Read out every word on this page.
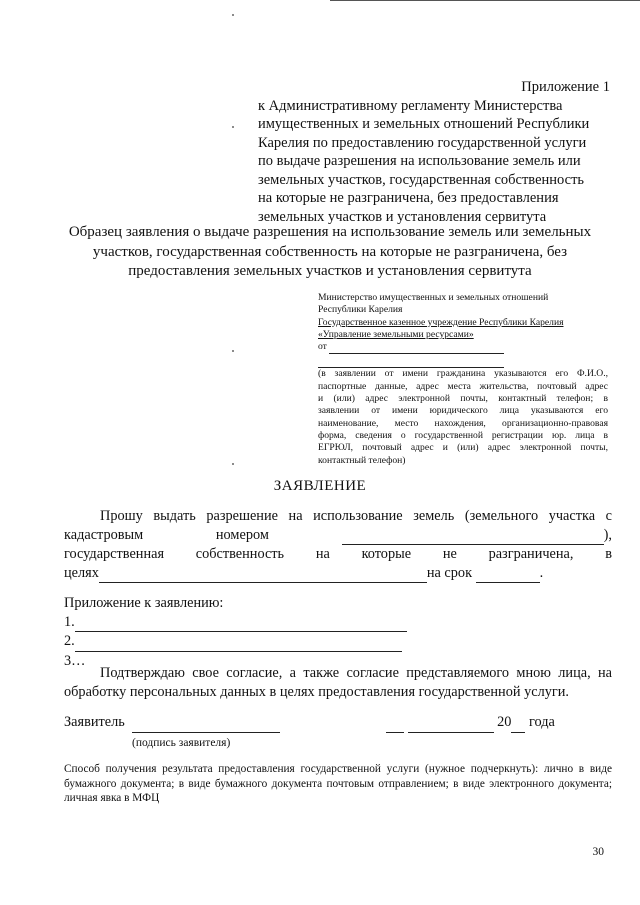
Приложение 1
к Административному регламенту Министерства
имущественных и земельных отношений Республики
Карелия по предоставлению государственной услуги
по выдаче разрешения на использование земель или
земельных участков, государственная собственность
на которые не разграничена, без предоставления
земельных участков и установления сервитута
Образец заявления о выдаче разрешения на использование земель или земельных
участков, государственная собственность на которые не разграничена, без
предоставления земельных участков и установления сервитута
Министерство имущественных и земельных отношений
Республики Карелия
Государственное казенное учреждение Республики Карелия
«Управление земельными ресурсами»
от

(в заявлении от имени гражданина указываются его Ф.И.О.,
паспортные данные, адрес места жительства, почтовый адрес
и (или) адрес электронной почты, контактный телефон; в
заявлении от имени юридического лица указываются его
наименование, место нахождения, организационно-правовая
форма, сведения о государственной регистрации юр. лица в
ЕГРЮЛ, почтовый адрес и (или) адрес электронной почты,
контактный телефон)
ЗАЯВЛЕНИЕ
Прошу выдать разрешение на использование земель (земельного участка с
кадастровым	номером	),
государственная собственность на которые не разграничена, в
целях	на срок	.
Приложение к заявлению:
1.
2.
3…
Подтверждаю свое согласие, а также согласие представляемого мною лица, на
обработку персональных данных в целях предоставления государственной услуги.
Заявитель	20 года
(подпись заявителя)
Способ получения результата предоставления государственной услуги (нужное подчеркнуть): лично в виде бумажного документа; в виде бумажного документа почтовым отправлением; в виде электронного документа; личная явка в МФЦ
30
